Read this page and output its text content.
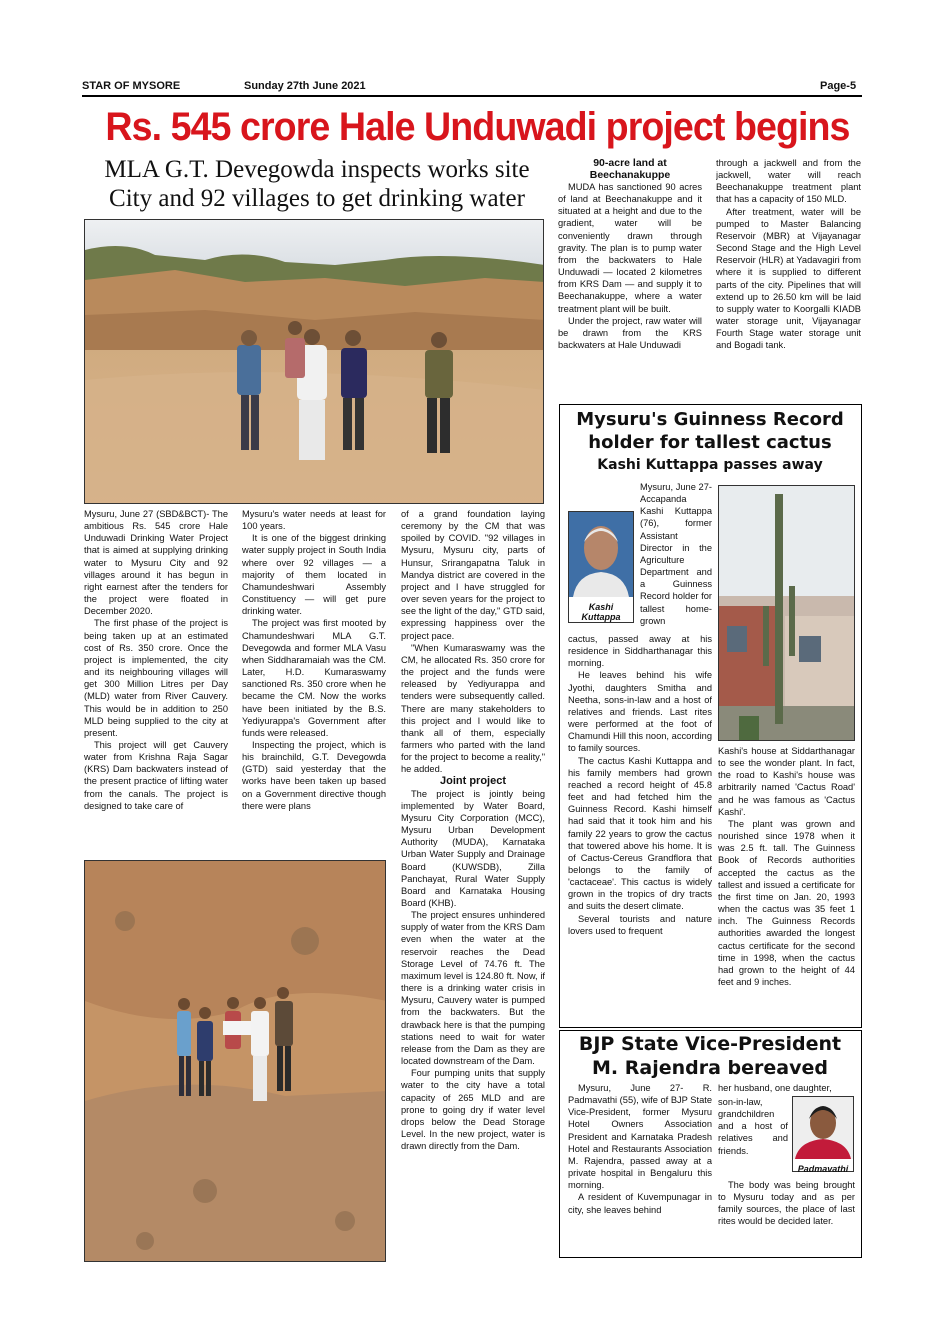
STAR OF MYSORE	Sunday 27th June 2021	Page-5
Rs. 545 crore Hale Unduwadi project begins
MLA G.T. Devegowda inspects works site
City and 92 villages to get drinking water

Mysuru, June 27 (SBD&BCT)- The ambitious Rs. 545 crore Hale Unduwadi Drinking Water Project that is aimed at supplying drinking water to Mysuru City and 92 villages around it has begun in right earnest after the tenders for the project were floated in December 2020.

The first phase of the project is being taken up at an estimated cost of Rs. 350 crore. Once the project is implemented, the city and its neighbouring villages will get 300 Million Litres per Day (MLD) water from River Cauvery. This would be in addition to 250 MLD being supplied to the city at present.

This project will get Cauvery water from Krishna Raja Sagar (KRS) Dam backwaters instead of the present practice of lifting water from the canals. The project is designed to take care of

Mysuru's water needs at least for 100 years.

It is one of the biggest drinking water supply project in South India where over 92 villages — a majority of them located in Chamundeshwari Assembly Constituency — will get pure drinking water.

The project was first mooted by Chamundeshwari MLA G.T. Devegowda and former MLA Vasu when Siddharamaiah was the CM. Later, H.D. Kumaraswamy sanctioned Rs. 350 crore when he became the CM. Now the works have been initiated by the B.S. Yediyurappa's Government after funds were released.

Inspecting the project, which is his brainchild, G.T. Devegowda (GTD) said yesterday that the works have been taken up based on a Government directive though there were plans

of a grand foundation laying ceremony by the CM that was spoiled by COVID. "92 villages in Mysuru, Mysuru city, parts of Hunsur, Srirangapatna Taluk in Mandya district are covered in the project and I have struggled for over seven years for the project to see the light of the day," GTD said, expressing happiness over the project pace.

"When Kumaraswamy was the CM, he allocated Rs. 350 crore for the project and the funds were released by Yediyurappa and tenders were subsequently called. There are many stakeholders to this project and I would like to thank all of them, especially farmers who parted with the land for the project to become a reality," he added.

Joint project

The project is jointly being implemented by Water Board, Mysuru City Corporation (MCC), Mysuru Urban Development Authority (MUDA), Karnataka Urban Water Supply and Drainage Board (KUWSDB), Zilla Panchayat, Rural Water Supply Board and Karnataka Housing Board (KHB).

The project ensures unhindered supply of water from the KRS Dam even when the water at the reservoir reaches the Dead Storage Level of 74.76 ft. The maximum level is 124.80 ft. Now, if there is a drinking water crisis in Mysuru, Cauvery water is pumped from the backwaters. But the drawback here is that the pumping stations need to wait for water release from the Dam as they are located downstream of the Dam.

Four pumping units that supply water to the city have a total capacity of 265 MLD and are prone to going dry if water level drops below the Dead Storage Level. In the new project, water is drawn directly from the Dam.

90-acre land at Beechanakuppe

MUDA has sanctioned 90 acres of land at Beechanakuppe and it situated at a height and due to the gradient, water will be conveniently drawn through gravity. The plan is to pump water from the backwaters to Hale Unduwadi — located 2 kilometres from KRS Dam — and supply it to Beechanakuppe, where a water treatment plant will be built.

Under the project, raw water will be drawn from the KRS backwaters at Hale Unduwadi

through a jackwell and from the jackwell, water will reach Beechanakuppe treatment plant that has a capacity of 150 MLD.

After treatment, water will be pumped to Master Balancing Reservoir (MBR) at Vijayanagar Second Stage and the High Level Reservoir (HLR) at Yadavagiri from where it is supplied to different parts of the city. Pipelines that will extend up to 26.50 km will be laid to supply water to Koorgalli KIADB water storage unit, Vijayanagar Fourth Stage water storage unit and Bogadi tank.

Mysuru's Guinness Record
holder for tallest cactus
Kashi Kuttappa passes away
Kashi
Kuttappa

Mysuru, June 27- Accapanda Kashi Kuttappa (76), former Assistant Director in the Agriculture Department and a Guinness Record holder for tallest home-grown

cactus, passed away at his residence in Siddharthanagar this morning.

He leaves behind his wife Jyothi, daughters Smitha and Neetha, sons-in-law and a host of relatives and friends. Last rites were performed at the foot of Chamundi Hill this noon, according to family sources.

The cactus Kashi Kuttappa and his family members had grown reached a record height of 45.8 feet and had fetched him the Guinness Record. Kashi himself had said that it took him and his family 22 years to grow the cactus that towered above his home. It is of Cactus-Cereus Grandflora that belongs to the family of 'cactaceae'. This cactus is widely grown in the tropics of dry tracts and suits the desert climate.

Several tourists and nature lovers used to frequent

Kashi's house at Siddarthanagar to see the wonder plant. In fact, the road to Kashi's house was arbitrarily named 'Cactus Road' and he was famous as 'Cactus Kashi'.

The plant was grown and nourished since 1978 when it was 2.5 ft. tall. The Guinness Book of Records authorities accepted the cactus as the tallest and issued a certificate for the first time on Jan. 20, 1993 when the cactus was 35 feet 1 inch. The Guinness Records authorities awarded the longest cactus certificate for the second time in 1998, when the cactus had grown to the height of 44 feet and 9 inches.

BJP State Vice-President
M. Rajendra bereaved

Mysuru, June 27- R. Padmavathi (55), wife of BJP State Vice-President, former Mysuru Hotel Owners Association President and Karnataka Pradesh Hotel and Restaurants Association M. Rajendra, passed away at a private hospital in Bengaluru this morning.

A resident of Kuvempunagar in city, she leaves behind

her husband, one daughter,

son-in-law, grandchildren and a host of relatives and friends.

Padmavathi

The body was being brought to Mysuru today and as per family sources, the place of last rites would be decided later.
